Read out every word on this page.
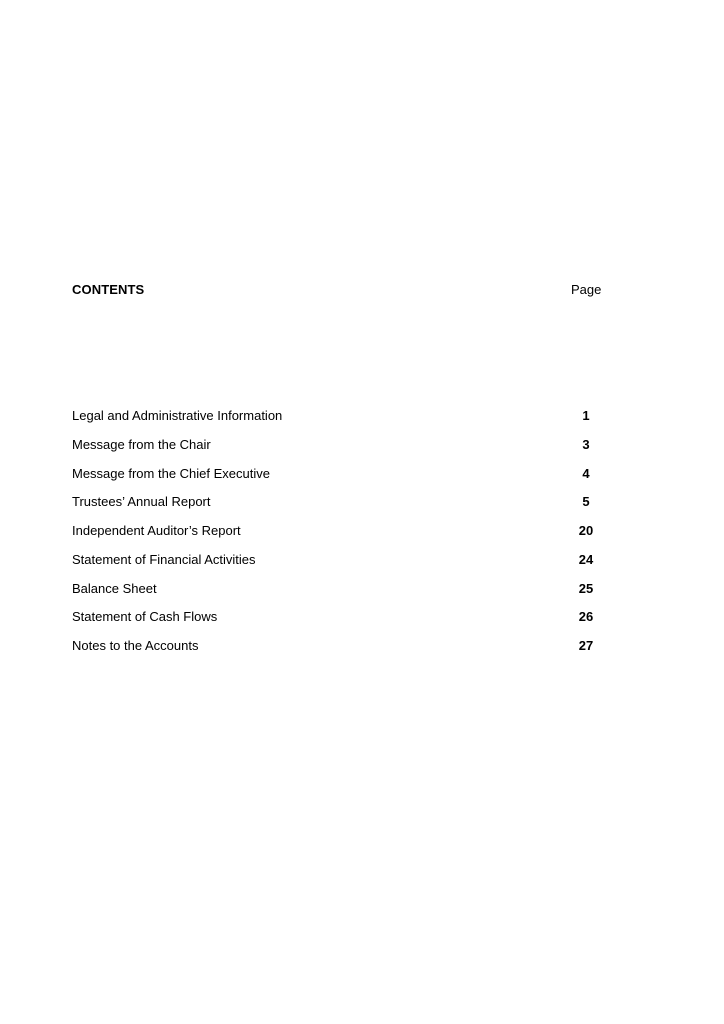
CONTENTS	Page
Legal and Administrative Information	1
Message from the Chair	3
Message from the Chief Executive	4
Trustees’ Annual Report	5
Independent Auditor’s Report	20
Statement of Financial Activities	24
Balance Sheet	25
Statement of Cash Flows	26
Notes to the Accounts	27
